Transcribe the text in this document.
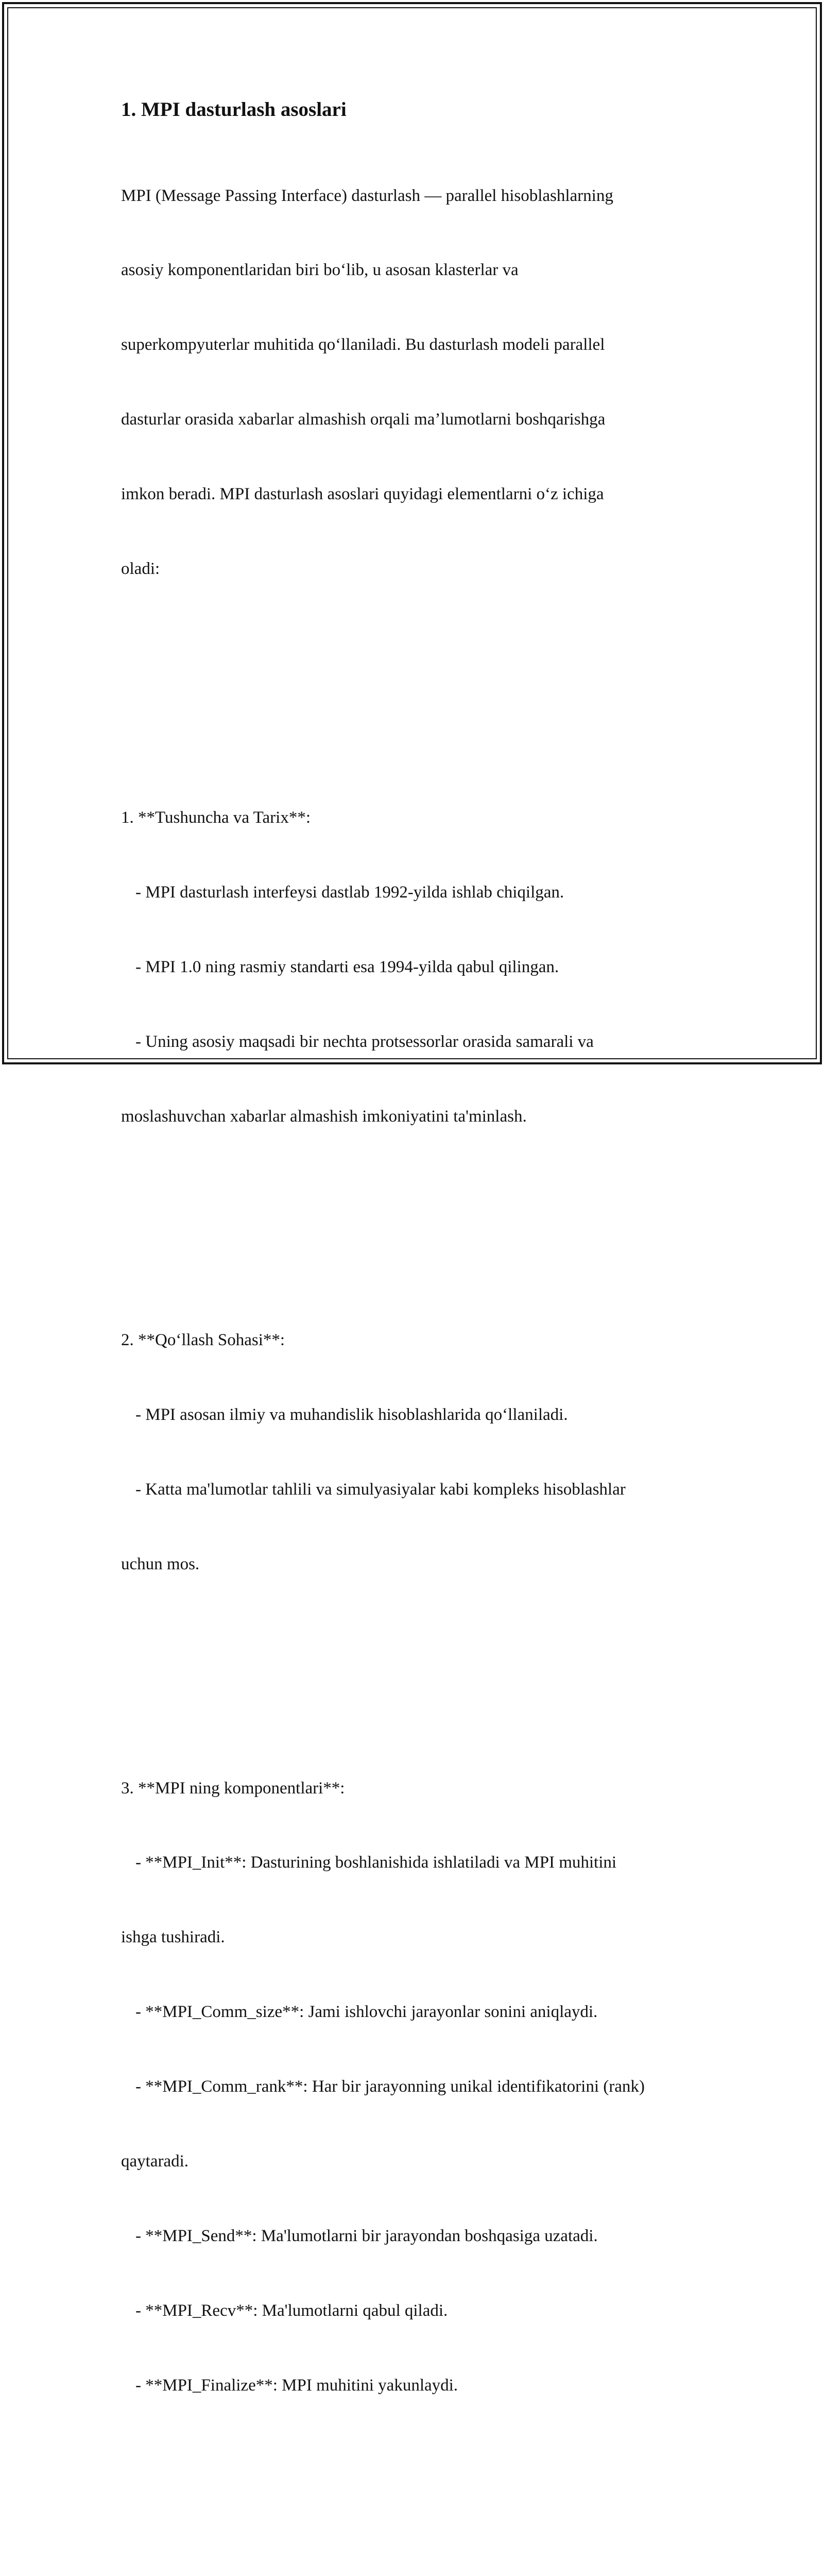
1. MPI dasturlash asoslari

MPI (Message Passing Interface) dasturlash — parallel hisoblashlarning

asosiy komponentlaridan biri bo‘lib, u asosan klasterlar va

superkompyuterlar muhitida qo‘llaniladi. Bu dasturlash modeli parallel

dasturlar orasida xabarlar almashish orqali ma’lumotlarni boshqarishga

imkon beradi. MPI dasturlash asoslari quyidagi elementlarni o‘z ichiga

oladi:

1. **Tushuncha va Tarix**:

- MPI dasturlash interfeysi dastlab 1992-yilda ishlab chiqilgan.

- MPI 1.0 ning rasmiy standarti esa 1994-yilda qabul qilingan.

- Uning asosiy maqsadi bir nechta protsessorlar orasida samarali va

moslashuvchan xabarlar almashish imkoniyatini ta'minlash.

2. **Qo‘llash Sohasi**:

- MPI asosan ilmiy va muhandislik hisoblashlarida qo‘llaniladi.

- Katta ma'lumotlar tahlili va simulyasiyalar kabi kompleks hisoblashlar

uchun mos.

3. **MPI ning komponentlari**:

- **MPI_Init**: Dasturining boshlanishida ishlatiladi va MPI muhitini

ishga tushiradi.

- **MPI_Comm_size**: Jami ishlovchi jarayonlar sonini aniqlaydi.

- **MPI_Comm_rank**: Har bir jarayonning unikal identifikatorini (rank)

qaytaradi.

- **MPI_Send**: Ma'lumotlarni bir jarayondan boshqasiga uzatadi.

- **MPI_Recv**: Ma'lumotlarni qabul qiladi.

- **MPI_Finalize**: MPI muhitini yakunlaydi.
